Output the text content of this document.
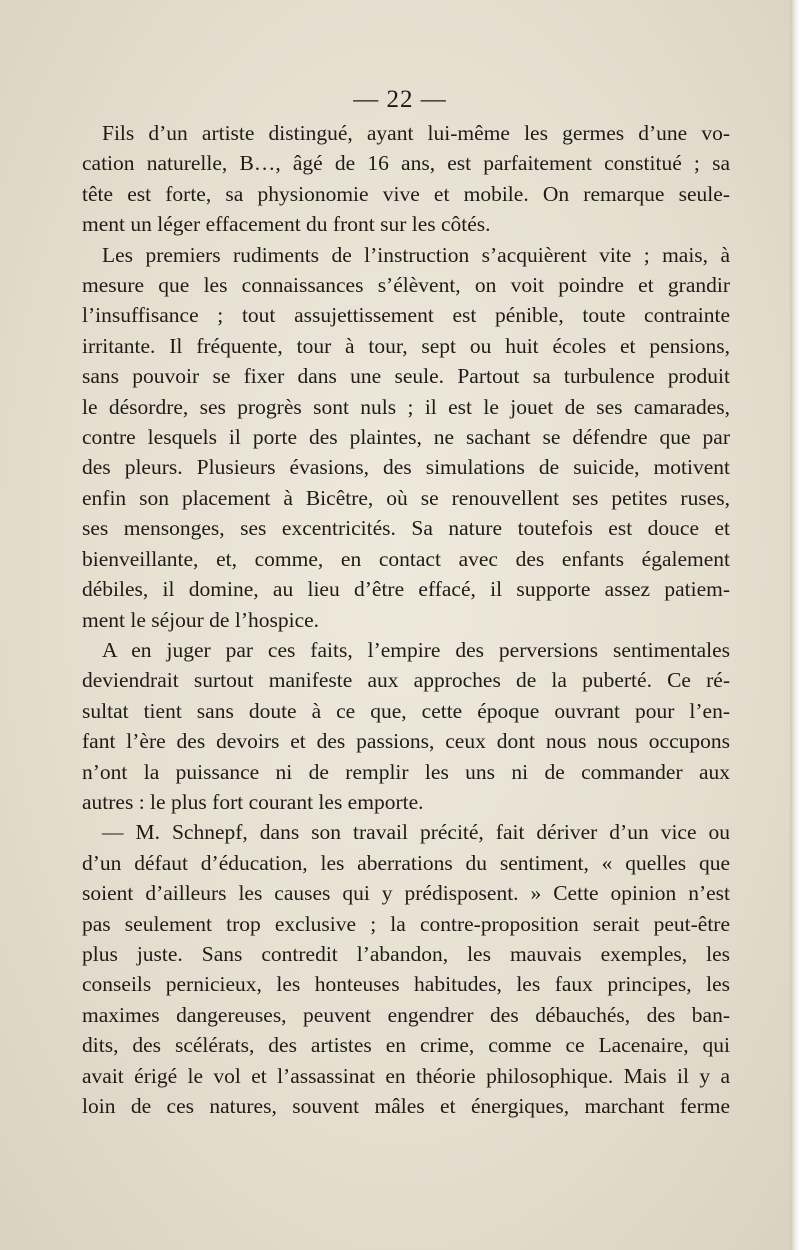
— 22 —

Fils d’un artiste distingué, ayant lui-même les germes d’une vo-

cation naturelle, B…, âgé de 16 ans, est parfaitement constitué ; sa

tête est forte, sa physionomie vive et mobile. On remarque seule-

ment un léger effacement du front sur les côtés.

Les premiers rudiments de l’instruction s’acquièrent vite ; mais, à

mesure que les connaissances s’élèvent, on voit poindre et grandir

l’insuffisance ; tout assujettissement est pénible, toute contrainte

irritante. Il fréquente, tour à tour, sept ou huit écoles et pensions,

sans pouvoir se fixer dans une seule. Partout sa turbulence produit

le désordre, ses progrès sont nuls ; il est le jouet de ses camarades,

contre lesquels il porte des plaintes, ne sachant se défendre que par

des pleurs. Plusieurs évasions, des simulations de suicide, motivent

enfin son placement à Bicêtre, où se renouvellent ses petites ruses,

ses mensonges, ses excentricités. Sa nature toutefois est douce et

bienveillante, et, comme, en contact avec des enfants également

débiles, il domine, au lieu d’être effacé, il supporte assez patiem-

ment le séjour de l’hospice.

A en juger par ces faits, l’empire des perversions sentimentales

deviendrait surtout manifeste aux approches de la puberté. Ce ré-

sultat tient sans doute à ce que, cette époque ouvrant pour l’en-

fant l’ère des devoirs et des passions, ceux dont nous nous occupons

n’ont la puissance ni de remplir les uns ni de commander aux

autres : le plus fort courant les emporte.

— M. Schnepf, dans son travail précité, fait dériver d’un vice ou

d’un défaut d’éducation, les aberrations du sentiment, « quelles que

soient d’ailleurs les causes qui y prédisposent. » Cette opinion n’est

pas seulement trop exclusive ; la contre-proposition serait peut-être

plus juste. Sans contredit l’abandon, les mauvais exemples, les

conseils pernicieux, les honteuses habitudes, les faux principes, les

maximes dangereuses, peuvent engendrer des débauchés, des ban-

dits, des scélérats, des artistes en crime, comme ce Lacenaire, qui

avait érigé le vol et l’assassinat en théorie philosophique. Mais il y a

loin de ces natures, souvent mâles et énergiques, marchant ferme
